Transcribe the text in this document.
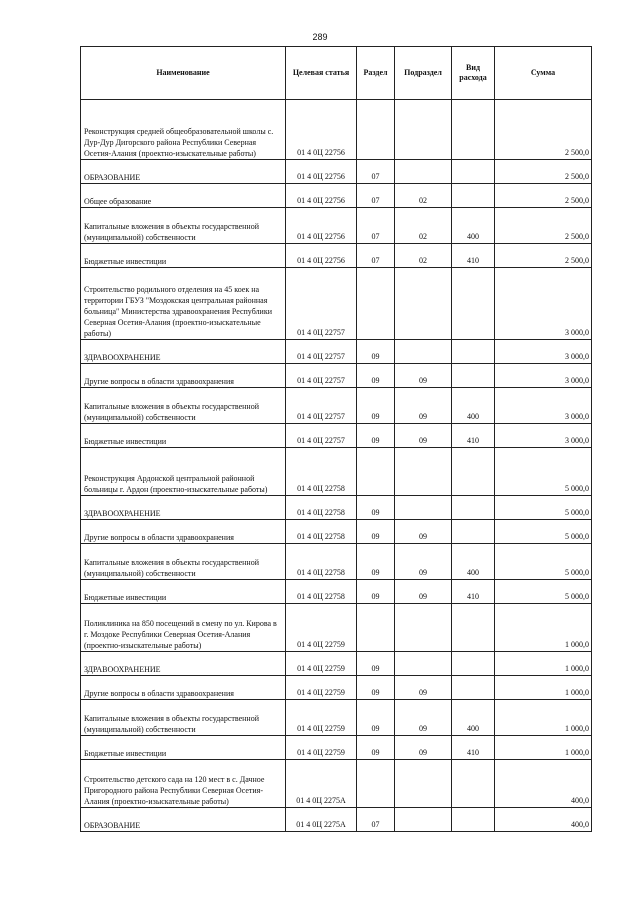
289
Наименование	Целевая статья	Раздел	Подраздел	Вид расхода	Сумма
Реконструкция средней общеобразовательной школы с. Дур-Дур Дигорского района Республики Северная Осетия-Алания (проектно-изыскательные работы)	01 4 0Ц 22756				2 500,0
ОБРАЗОВАНИЕ	01 4 0Ц 22756	07			2 500,0
Общее образование	01 4 0Ц 22756	07	02		2 500,0
Капитальные вложения в объекты государственной (муниципальной) собственности	01 4 0Ц 22756	07	02	400	2 500,0
Бюджетные инвестиции	01 4 0Ц 22756	07	02	410	2 500,0
Строительство родильного отделения на 45 коек на территории ГБУЗ "Моздокская центральная районная больница" Министерства здравоохранения Республики Северная Осетия-Алания (проектно-изыскательные работы)	01 4 0Ц 22757				3 000,0
ЗДРАВООХРАНЕНИЕ	01 4 0Ц 22757	09			3 000,0
Другие вопросы в области здравоохранения	01 4 0Ц 22757	09	09		3 000,0
Капитальные вложения в объекты государственной (муниципальной) собственности	01 4 0Ц 22757	09	09	400	3 000,0
Бюджетные инвестиции	01 4 0Ц 22757	09	09	410	3 000,0
Реконструкция Ардонской центральной районной больницы г. Ардон (проектно-изыскательные работы)	01 4 0Ц 22758				5 000,0
ЗДРАВООХРАНЕНИЕ	01 4 0Ц 22758	09			5 000,0
Другие вопросы в области здравоохранения	01 4 0Ц 22758	09	09		5 000,0
Капитальные вложения в объекты государственной (муниципальной) собственности	01 4 0Ц 22758	09	09	400	5 000,0
Бюджетные инвестиции	01 4 0Ц 22758	09	09	410	5 000,0
Поликлиника на 850 посещений в смену по ул. Кирова в г. Моздоке Республики Северная Осетия-Алания (проектно-изыскательные работы)	01 4 0Ц 22759				1 000,0
ЗДРАВООХРАНЕНИЕ	01 4 0Ц 22759	09			1 000,0
Другие вопросы в области здравоохранения	01 4 0Ц 22759	09	09		1 000,0
Капитальные вложения в объекты государственной (муниципальной) собственности	01 4 0Ц 22759	09	09	400	1 000,0
Бюджетные инвестиции	01 4 0Ц 22759	09	09	410	1 000,0
Строительство детского сада на 120 мест в с. Дачное Пригородного района Республики Северная Осетия-Алания (проектно-изыскательные работы)	01 4 0Ц 2275А				400,0
ОБРАЗОВАНИЕ	01 4 0Ц 2275А	07			400,0
